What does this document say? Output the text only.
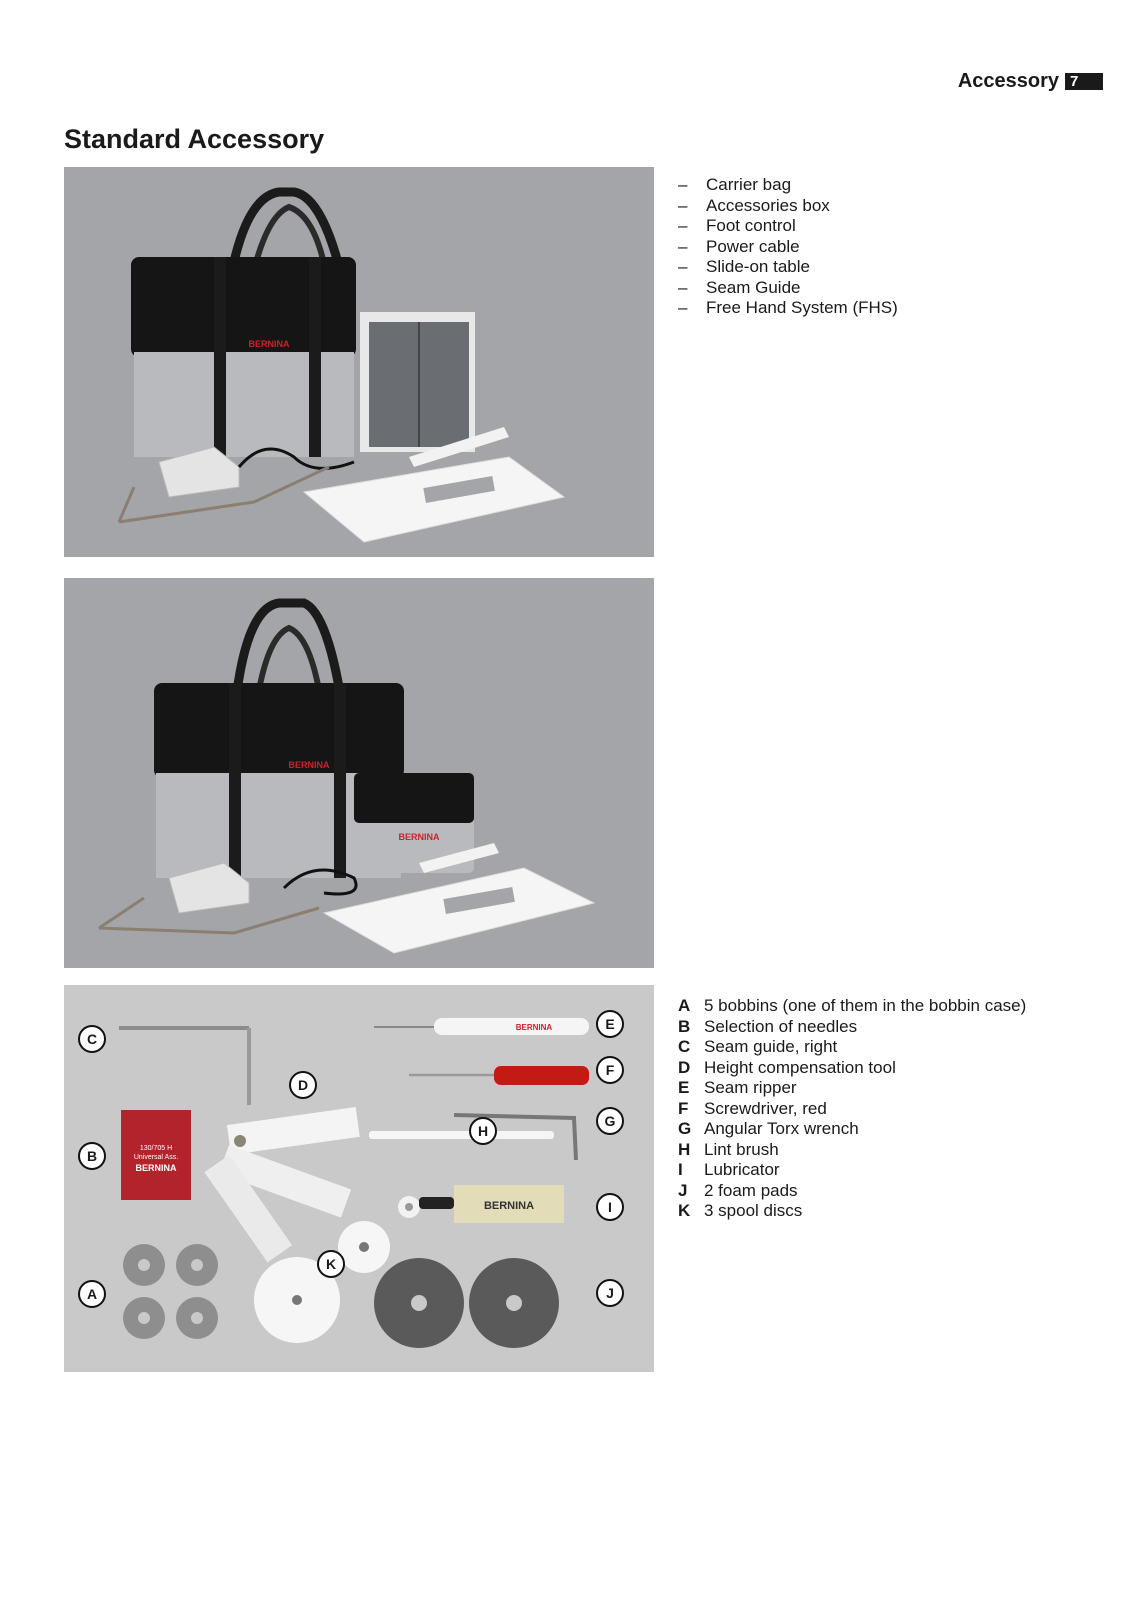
Accessory 7
Standard Accessory
BERNINA
–	Carrier bag
–	Accessories box
–	Foot control
–	Power cable
–	Slide-on table
–	Seam Guide
–	Free Hand System (FHS)
BERNINA
BERNINA
130/705 H
Universal Ass.
BERNINA
BERNINA
BERNINA
C
D
B
A
K
E
F
G
H
I
J
A 5 bobbins (one of them in the bobbin case)
B Selection of needles
C Seam guide, right
D Height compensation tool
E Seam ripper
F Screwdriver, red
G Angular Torx wrench
H Lint brush
I	Lubricator
J 2 foam pads
K 3 spool discs
